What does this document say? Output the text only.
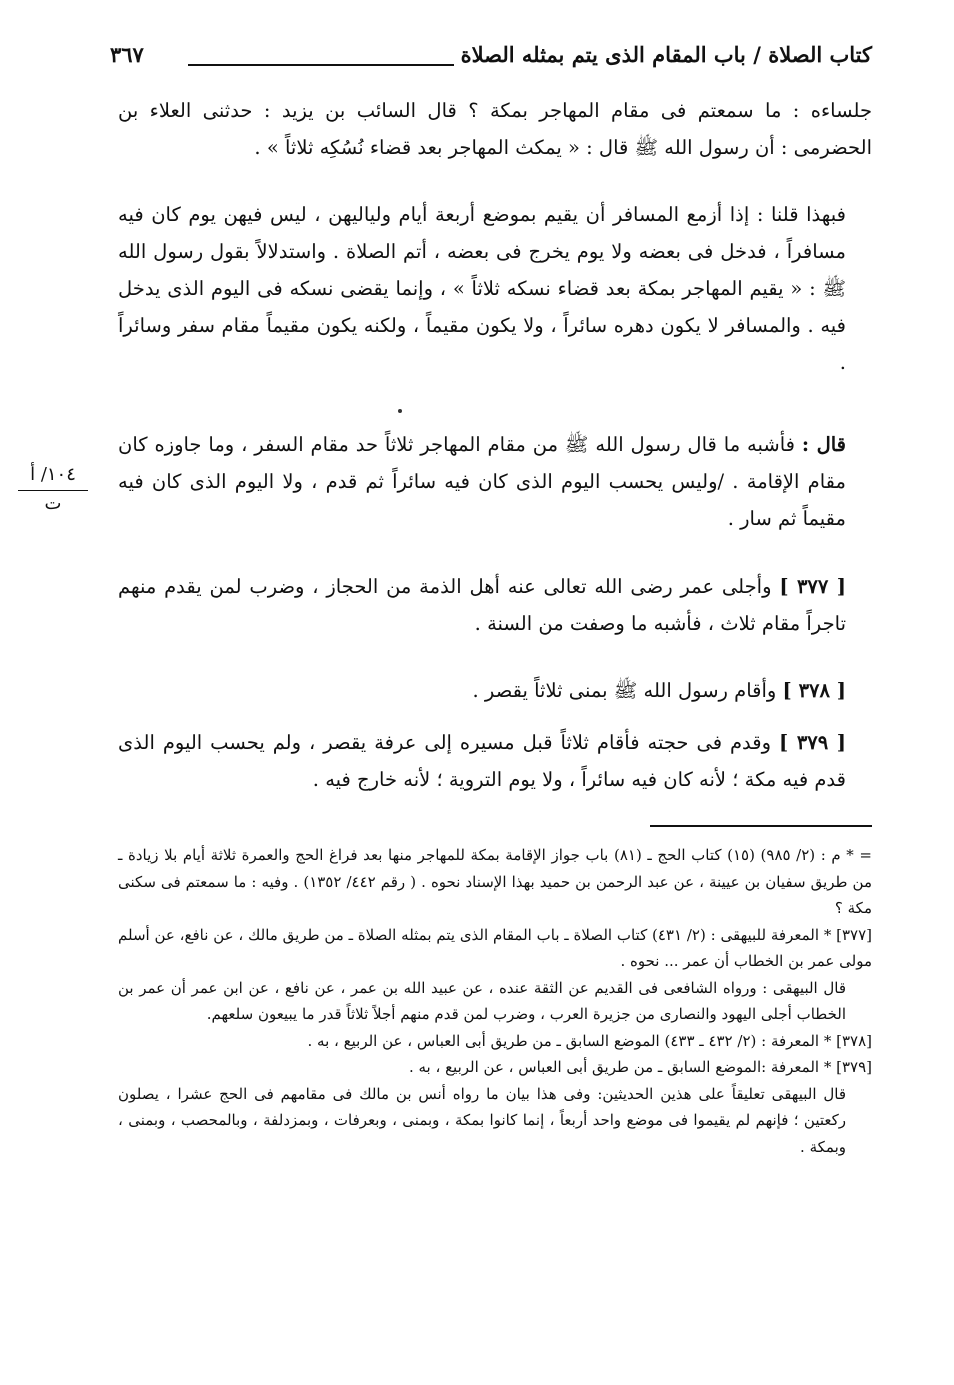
كتاب الصلاة / باب المقام الذى يتم بمثله الصلاة
٣٦٧
١٠٤/ أ
ت

جلساءه : ما سمعتم فى مقام المهاجر بمكة ؟ قال السائب بن يزيد : حدثنى العلاء بن الحضرمى : أن رسول الله ﷺ قال : « يمكث المهاجر بعد قضاء نُسُكِه ثلاثاً » .

فبهذا قلنا : إذا أزمع المسافر أن يقيم بموضع أربعة أيام ولياليهن ، ليس فيهن يوم كان فيه مسافراً ، فدخل فى بعضه ولا يوم يخرج فى بعضه ، أتم الصلاة . واستدلالاً بقول رسول الله ﷺ : « يقيم المهاجر بمكة بعد قضاء نسكه ثلاثاً » ، وإنما يقضى نسكه فى اليوم الذى يدخل فيه . والمسافر لا يكون دهره سائراً ، ولا يكون مقيماً ، ولكنه يكون مقيماً مقام سفر وسائراً .

قال : فأشبه ما قال رسول الله ﷺ من مقام المهاجر ثلاثاً حد مقام السفر ، وما جاوزه كان مقام الإقامة . /وليس يحسب اليوم الذى كان فيه سائراً ثم قدم ، ولا اليوم الذى كان فيه مقيماً ثم سار .

[ ٣٧٧ ] وأجلى عمر رضى الله تعالى عنه أهل الذمة من الحجاز ، وضرب لمن يقدم منهم تاجراً مقام ثلاث ، فأشبه ما وصفت من السنة .

[ ٣٧٨ ] وأقام رسول الله ﷺ بمنى ثلاثاً يقصر .

[ ٣٧٩ ] وقدم فى حجته فأقام ثلاثاً قبل مسيره إلى عرفة يقصر ، ولم يحسب اليوم الذى قدم فيه مكة ؛ لأنه كان فيه سائراً ، ولا يوم التروية ؛ لأنه خارج فيه .

= * م : (٢/ ٩٨٥) (١٥) كتاب الحج ـ (٨١) باب جواز الإقامة بمكة للمهاجر منها بعد فراغ الحج والعمرة ثلاثة أيام بلا زيادة ـ من طريق سفيان بن عيينة ، عن عبد الرحمن بن حميد بهذا الإسناد نحوه . ( رقم ٤٤٢/ ١٣٥٢) . وفيه : ما سمعتم فى سكنى مكة ؟

[٣٧٧] * المعرفة للبيهقى : (٢/ ٤٣١) كتاب الصلاة ـ باب المقام الذى يتم بمثله الصلاة ـ من طريق مالك ، عن نافع، عن أسلم مولى عمر بن الخطاب أن عمر ... نحوه .

قال البيهقى : ورواه الشافعى فى القديم عن الثقة عنده ، عن عبيد الله بن عمر ، عن نافع ، عن ابن عمر أن عمر بن الخطاب أجلى اليهود والنصارى من جزيرة العرب ، وضرب لمن قدم منهم أجلاً ثلاثاً قدر ما يبيعون سلعهم.

[٣٧٨] * المعرفة : (٢/ ٤٣٢ ـ ٤٣٣) الموضع السابق ـ من طريق أبى العباس ، عن الربيع ، به .

[٣٧٩] * المعرفة :الموضع السابق ـ من طريق أبى العباس ، عن الربيع ، به .

قال البيهقى تعليقاً على هذين الحديثين: وفى هذا بيان ما رواه أنس بن مالك فى مقامهم فى الحج عشرا ، يصلون ركعتين ؛ فإنهم لم يقيموا فى موضع واحد أربعاً ، إنما كانوا بمكة ، وبمنى ، وبعرفات ، وبمزدلفة ، وبالمحصب ، وبمنى ، وبمكة .
